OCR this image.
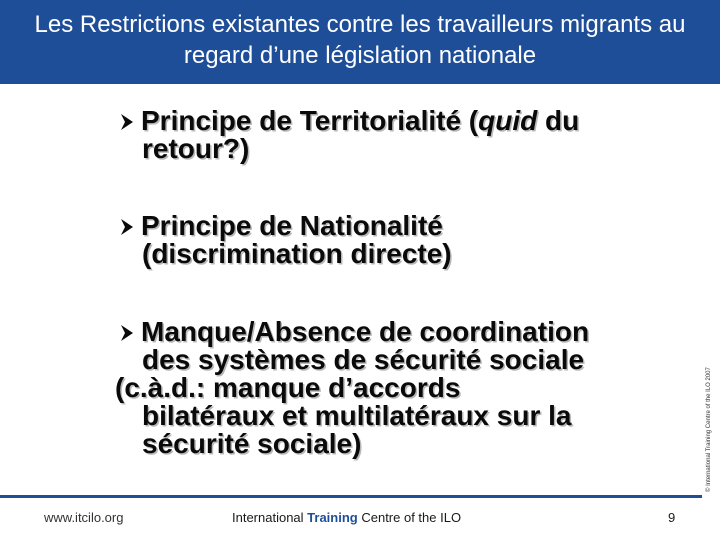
Les Restrictions existantes contre les travailleurs migrants au regard d’une législation nationale
Principe de Territorialité (quid du
retour?)
Principe de Nationalité
(discrimination directe)
Manque/Absence de coordination
des systèmes de sécurité sociale
(c.à.d.: manque d’accords
bilatéraux et multilatéraux sur la
sécurité sociale)	© International Training Centre of the ILO 2007
www.itcilo.org	International Training Centre of the ILO	9
